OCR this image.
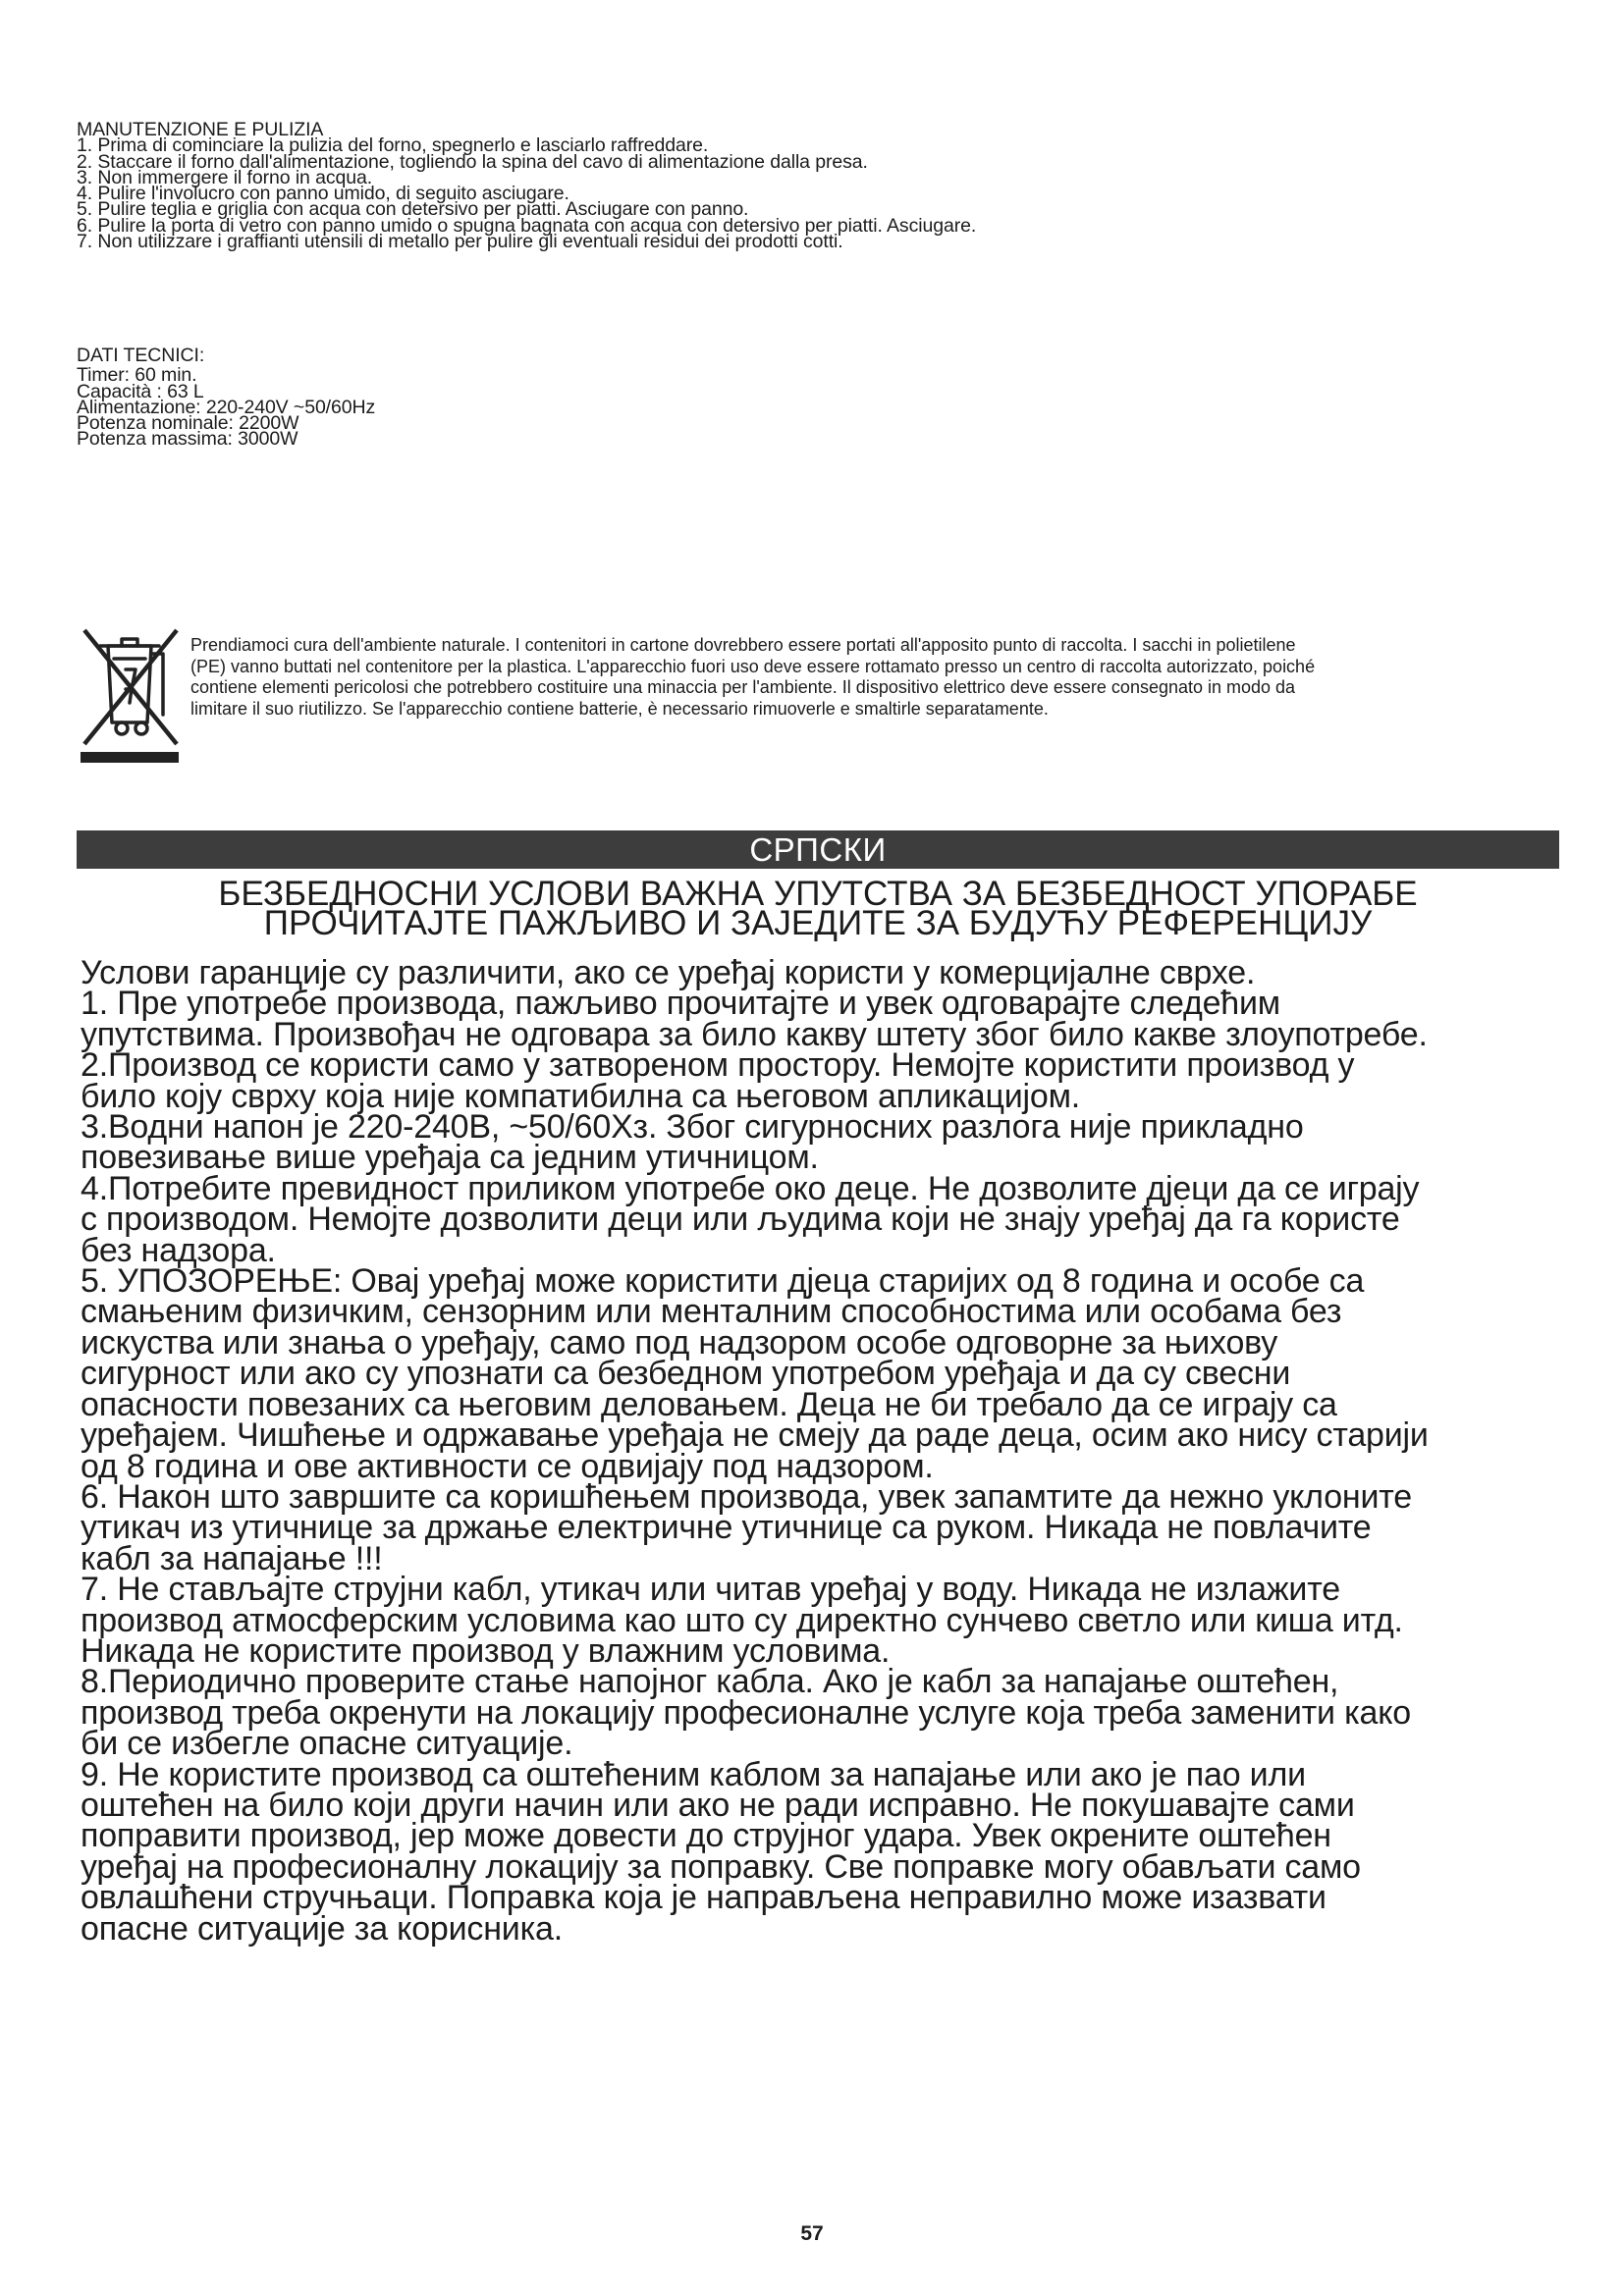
MANUTENZIONE E PULIZIA
1. Prima di cominciare la pulizia del forno, spegnerlo e lasciarlo raffreddare.
2. Staccare il forno dall'alimentazione, togliendo la spina del cavo di alimentazione dalla presa.
3. Non immergere il forno in acqua.
4. Pulire l'involucro con panno umido, di seguito asciugare.
5. Pulire teglia e griglia con acqua con detersivo per piatti. Asciugare con panno.
6. Pulire la porta di vetro con panno umido o spugna bagnata con acqua con detersivo per piatti. Asciugare.
7. Non utilizzare i graffianti utensili di metallo per pulire gli eventuali residui dei prodotti cotti.
DATI TECNICI:
Timer: 60 min.
Capacità : 63 L
Alimentazione: 220-240V ~50/60Hz
Potenza nominale: 2200W
Potenza massima: 3000W
Prendiamoci cura dell'ambiente naturale. I contenitori in cartone dovrebbero essere portati all'apposito punto di raccolta. I sacchi in polietilene
(PE) vanno buttati nel contenitore per la plastica. L'apparecchio fuori uso deve essere rottamato presso un centro di raccolta autorizzato, poiché
contiene elementi pericolosi che potrebbero costituire una minaccia per l'ambiente. Il dispositivo elettrico deve essere consegnato in modo da
limitare il suo riutilizzo. Se l'apparecchio contiene batterie, è necessario rimuoverle e smaltirle separatamente.
СРПСКИ
БЕЗБЕДНОСНИ УСЛОВИ ВАЖНА УПУТСТВА ЗА БЕЗБЕДНОСТ УПОРАБЕ
ПРОЧИТАЈТЕ ПАЖЉИВО И ЗАЈЕДИТЕ ЗА БУДУЋУ РЕФЕРЕНЦИЈУ
Услови гаранције су различити, ако се уређај користи у комерцијалне сврхе.
1. Пре употребе производа, пажљиво прочитајте и увек одговарајте следећим
упутствима. Произвођач не одговара за било какву штету због било какве злоупотребе.
2.Производ се користи само у затвореном простору. Немојте користити производ у
било коју сврху која није компатибилна са његовом апликацијом.
3.Водни напон је 220-240В, ~50/60Хз. Због сигурносних разлога није прикладно
повезивање више уређаја са једним утичницом.
4.Потребите превидност приликом употребе око деце. Не дозволите дјеци да се играју
с производом. Немојте дозволити деци или људима који не знају уређај да га користе
без надзора.
5. УПОЗОРЕЊЕ: Овај уређај може користити дјеца старијих од 8 година и особе са
смањеним физичким, сензорним или менталним способностима или особама без
искуства или знања о уређају, само под надзором особе одговорне за њихову
сигурност или ако су упознати са безбедном употребом уређаја и да су свесни
опасности повезаних са његовим деловањем. Деца не би требало да се играју са
уређајем. Чишћење и одржавање уређаја не смеју да раде деца, осим ако нису старији
од 8 година и ове активности се одвијају под надзором.
6. Након што завршите са коришћењем производа, увек запамтите да нежно уклоните
утикач из утичнице за држање електричне утичнице са руком. Никада не повлачите
кабл за напајање !!!
7. Не стављајте струјни кабл, утикач или читав уређај у воду. Никада не излажите
производ атмосферским условима као што су директно сунчево светло или киша итд.
Никада не користите производ у влажним условима.
8.Периодично проверите стање напојног кабла. Ако је кабл за напајање оштећен,
производ треба окренути на локацију професионалне услуге која треба заменити како
би се избегле опасне ситуације.
9. Не користите производ са оштећеним каблом за напајање или ако је пао или
оштећен на било који други начин или ако не ради исправно. Не покушавајте сами
поправити производ, јер може довести до струјног удара. Увек окрените оштећен
уређај на професионалну локацију за поправку. Све поправке могу обављати само
овлашћени стручњаци. Поправка која је направљена неправилно може изазвати
опасне ситуације за корисника.
57
